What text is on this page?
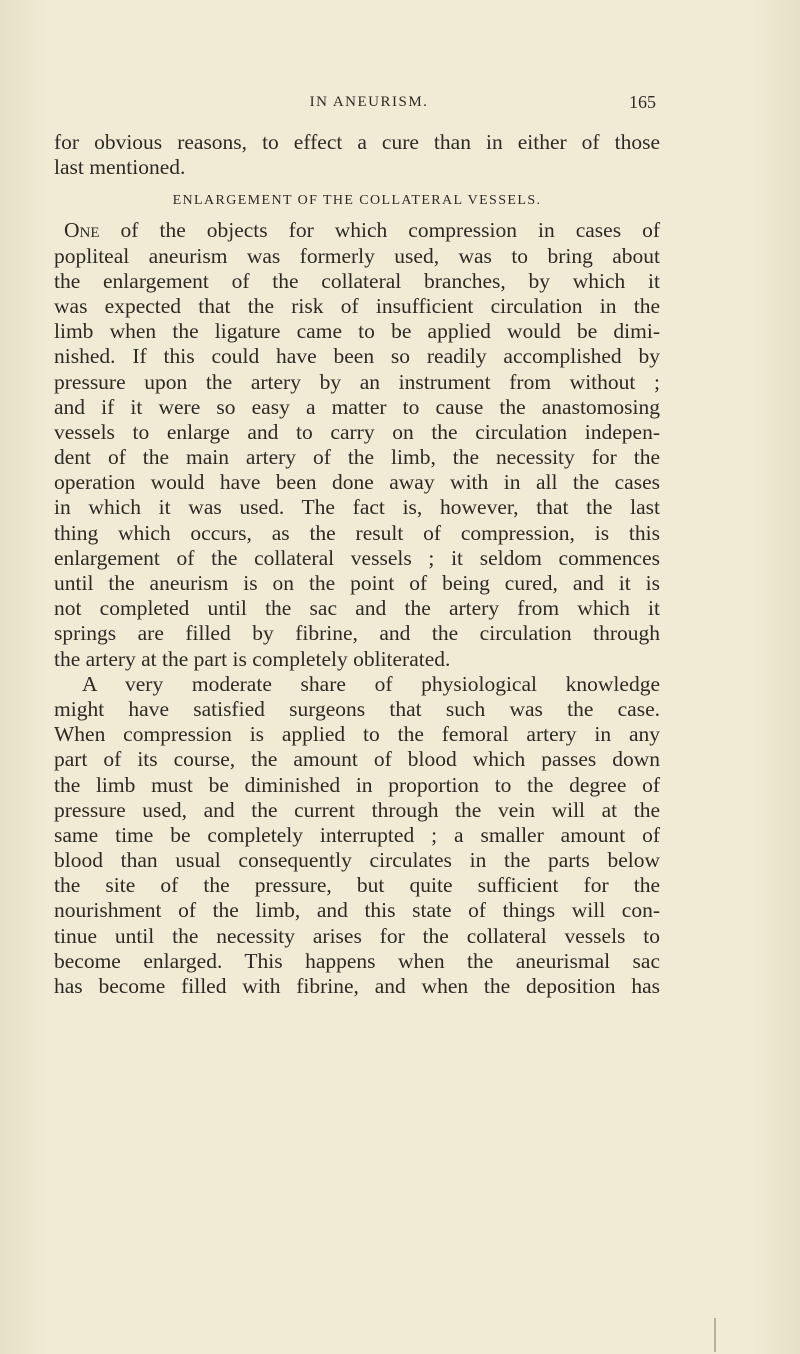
IN ANEURISM.	165
for obvious reasons, to effect a cure than in either of those
last mentioned.
ENLARGEMENT OF THE COLLATERAL VESSELS.
One of the objects for which compression in cases of
popliteal aneurism was formerly used, was to bring about
the enlargement of the collateral branches, by which it
was expected that the risk of insufficient circulation in the
limb when the ligature came to be applied would be dimi-
nished. If this could have been so readily accomplished by
pressure upon the artery by an instrument from without ;
and if it were so easy a matter to cause the anastomosing
vessels to enlarge and to carry on the circulation indepen-
dent of the main artery of the limb, the necessity for the
operation would have been done away with in all the cases
in which it was used. The fact is, however, that the last
thing which occurs, as the result of compression, is this
enlargement of the collateral vessels ; it seldom commences
until the aneurism is on the point of being cured, and it is
not completed until the sac and the artery from which it
springs are filled by fibrine, and the circulation through
the artery at the part is completely obliterated.
A very moderate share of physiological knowledge
might have satisfied surgeons that such was the case.
When compression is applied to the femoral artery in any
part of its course, the amount of blood which passes down
the limb must be diminished in proportion to the degree of
pressure used, and the current through the vein will at the
same time be completely interrupted ; a smaller amount of
blood than usual consequently circulates in the parts below
the site of the pressure, but quite sufficient for the
nourishment of the limb, and this state of things will con-
tinue until the necessity arises for the collateral vessels to
become enlarged. This happens when the aneurismal sac
has become filled with fibrine, and when the deposition has
